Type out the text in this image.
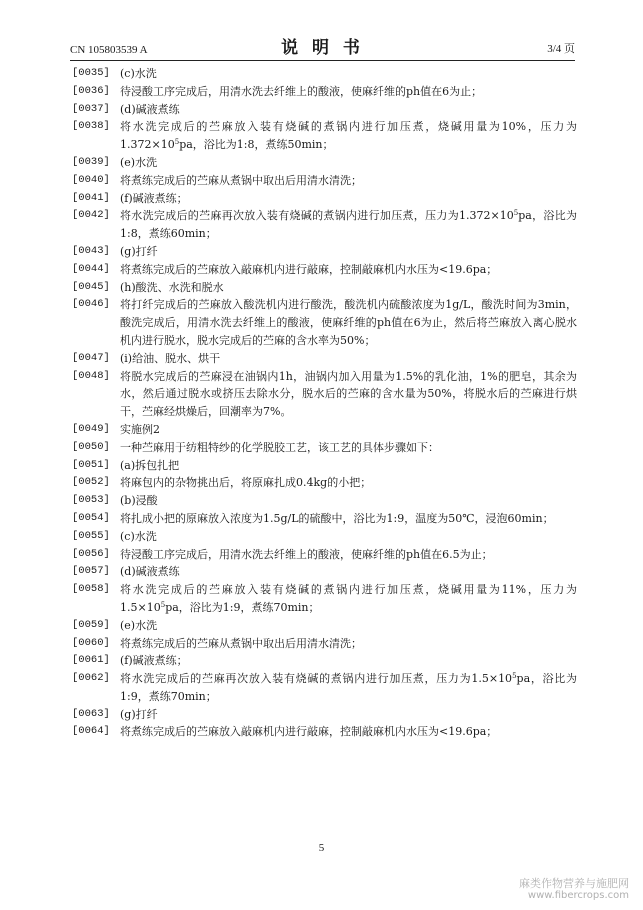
CN 105803539 A	说 明 书	3/4 页
[0035] (c)水洗
[0036] 待浸酸工序完成后，用清水洗去纤维上的酸液，使麻纤维的ph值在6为止；
[0037] (d)碱液煮练
[0038] 将水洗完成后的苎麻放入装有烧碱的煮锅内进行加压煮，烧碱用量为10%，压力为$1.372\times 10^5pa$，浴比为1:8，煮练50min；
[0039] (e)水洗
[0040] 将煮练完成后的苎麻从煮锅中取出后用清水清洗；
[0041] (f)碱液煮练；
[0042] 将水洗完成后的苎麻再次放入装有烧碱的煮锅内进行加压煮，压力为$1.372\times 10^5pa$，浴比为1:8，煮练60min；
[0043] (g)打纤
[0044] 将煮练完成后的苎麻放入敲麻机内进行敲麻，控制敲麻机内水压为<19.6pa；
[0045] (h)酸洗、水洗和脱水
[0046] 将打纤完成后的苎麻放入酸洗机内进行酸洗，酸洗机内硫酸浓度为1g/L，酸洗时间为3min，酸洗完成后，用清水洗去纤维上的酸液，使麻纤维的ph值在6为止，然后将苎麻放入离心脱水机内进行脱水，脱水完成后的苎麻的含水率为50%；
[0047] (i)给油、脱水、烘干
[0048] 将脱水完成后的苎麻浸在油锅内1h，油锅内加入用量为1.5%的乳化油，1%的肥皂，其余为水，然后通过脱水或挤压去除水分，脱水后的苎麻的含水量为50%，将脱水后的苎麻进行烘干，苎麻经烘燥后，回潮率为7%。
[0049] 实施例2
[0050] 一种苎麻用于纺粗特纱的化学脱胶工艺，该工艺的具体步骤如下：
[0051] (a)拆包扎把
[0052] 将麻包内的杂物挑出后，将原麻扎成0.4kg的小把；
[0053] (b)浸酸
[0054] 将扎成小把的原麻放入浓度为1.5g/L的硫酸中，浴比为1:9，温度为50℃，浸泡60min；
[0055] (c)水洗
[0056] 待浸酸工序完成后，用清水洗去纤维上的酸液，使麻纤维的ph值在6.5为止；
[0057] (d)碱液煮练
[0058] 将水洗完成后的苎麻放入装有烧碱的煮锅内进行加压煮，烧碱用量为11%，压力为$1.5\times 10^5pa$，浴比为1:9，煮练70min；
[0059] (e)水洗
[0060] 将煮练完成后的苎麻从煮锅中取出后用清水清洗；
[0061] (f)碱液煮练；
[0062] 将水洗完成后的苎麻再次放入装有烧碱的煮锅内进行加压煮，压力为$1.5\times 10^5pa$，浴比为1:9，煮练70min；
[0063] (g)打纤
[0064] 将煮练完成后的苎麻放入敲麻机内进行敲麻，控制敲麻机内水压为<19.6pa；
5
麻类作物营养与施肥网
www.fibercrops.com
